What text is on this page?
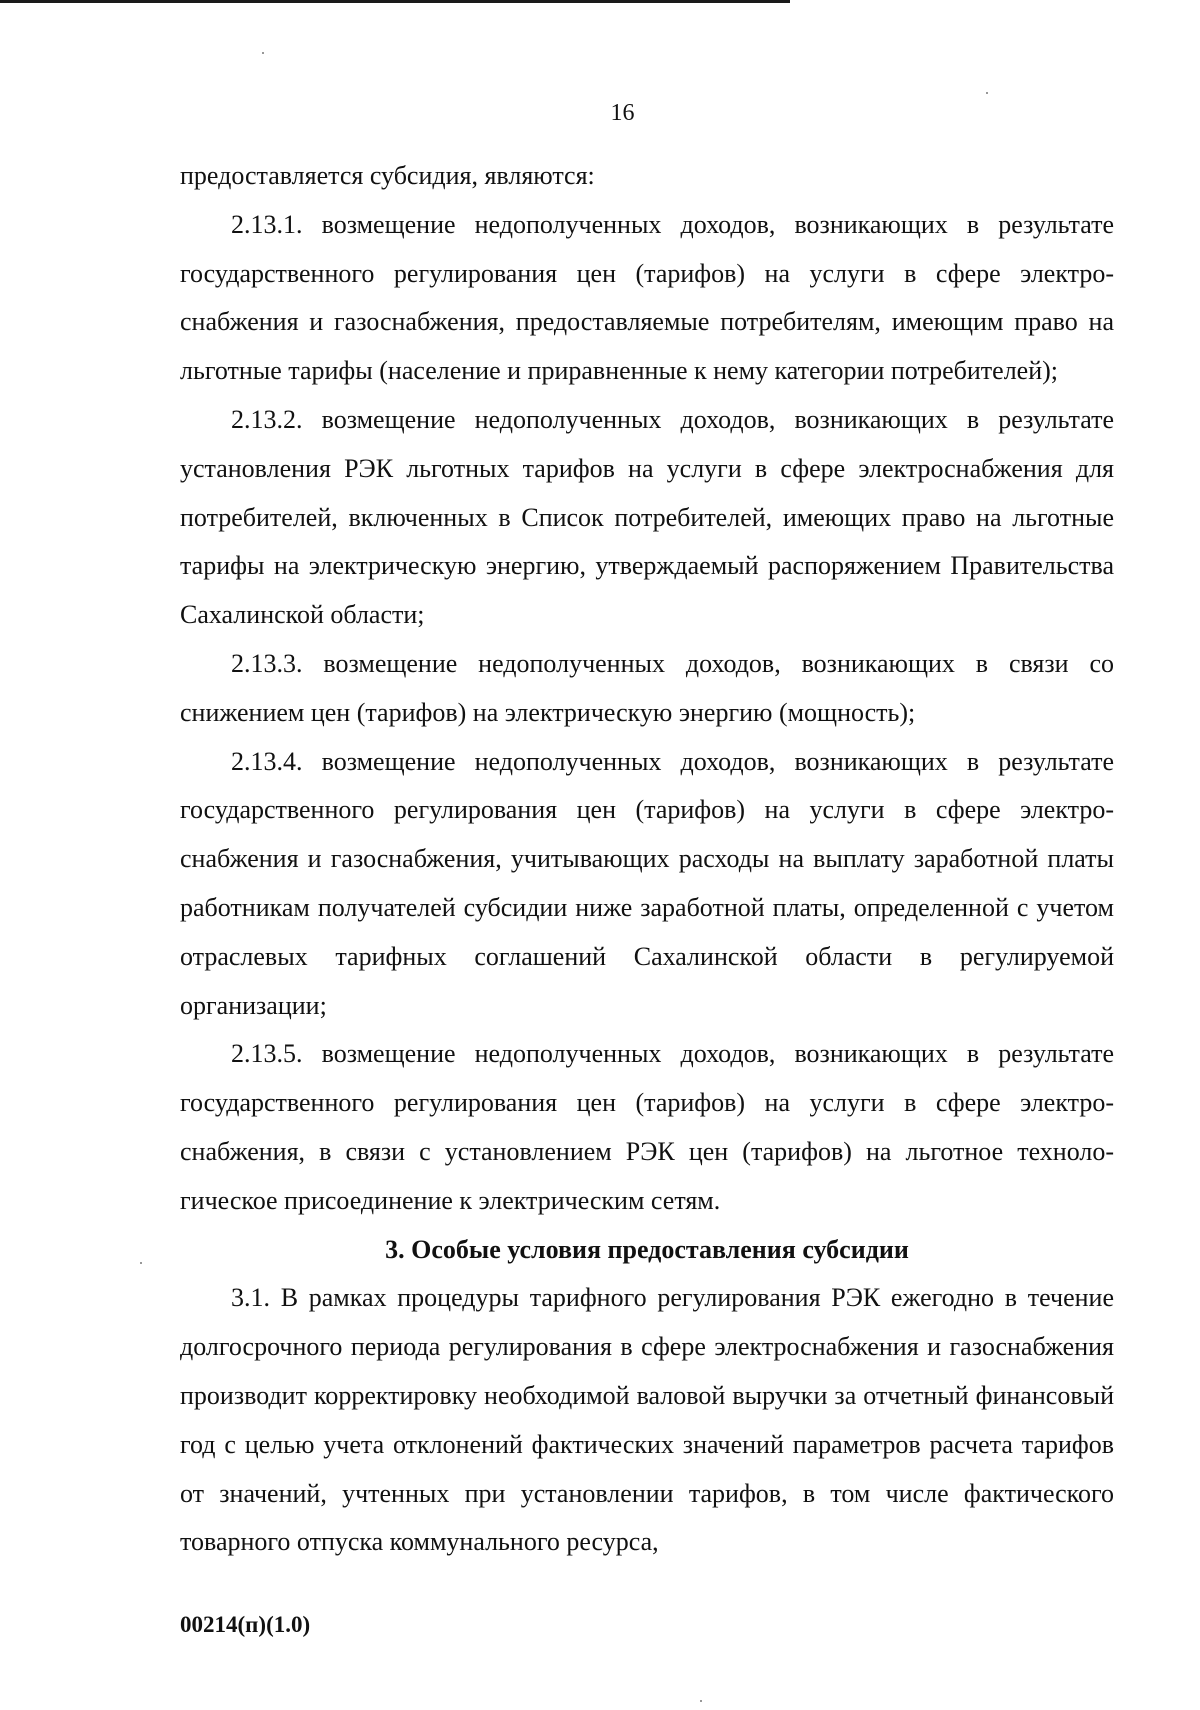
16

предоставляется субсидия, являются:

2.13.1. возмещение недополученных доходов, возникающих в результате государственного регулирования цен (тарифов) на услуги в сфере электроснабжения и газоснабжения, предоставляемые потребителям, имеющим право на льготные тарифы (население и приравненные к нему категории потребителей);

2.13.2. возмещение недополученных доходов, возникающих в результате установления РЭК льготных тарифов на услуги в сфере электроснабжения для потребителей, включенных в Список потребителей, имеющих право на льготные тарифы на электрическую энергию, утверждаемый распоряжением Правительства Сахалинской области;

2.13.3. возмещение недополученных доходов, возникающих в связи со снижением цен (тарифов) на электрическую энергию (мощность);

2.13.4. возмещение недополученных доходов, возникающих в результате государственного регулирования цен (тарифов) на услуги в сфере электроснабжения и газоснабжения, учитывающих расходы на выплату заработной платы работникам получателей субсидии ниже заработной платы, определенной с учетом отраслевых тарифных соглашений Сахалинской области в регулируемой организации;

2.13.5. возмещение недополученных доходов, возникающих в результате государственного регулирования цен (тарифов) на услуги в сфере электроснабжения, в связи с установлением РЭК цен (тарифов) на льготное технологическое присоединение к электрическим сетям.

3. Особые условия предоставления субсидии

3.1. В рамках процедуры тарифного регулирования РЭК ежегодно в течение долгосрочного периода регулирования в сфере электроснабжения и газоснабжения производит корректировку необходимой валовой выручки за отчетный финансовый год с целью учета отклонений фактических значений параметров расчета тарифов от значений, учтенных при установлении тарифов, в том числе фактического товарного отпуска коммунального ресурса,

00214(п)(1.0)
